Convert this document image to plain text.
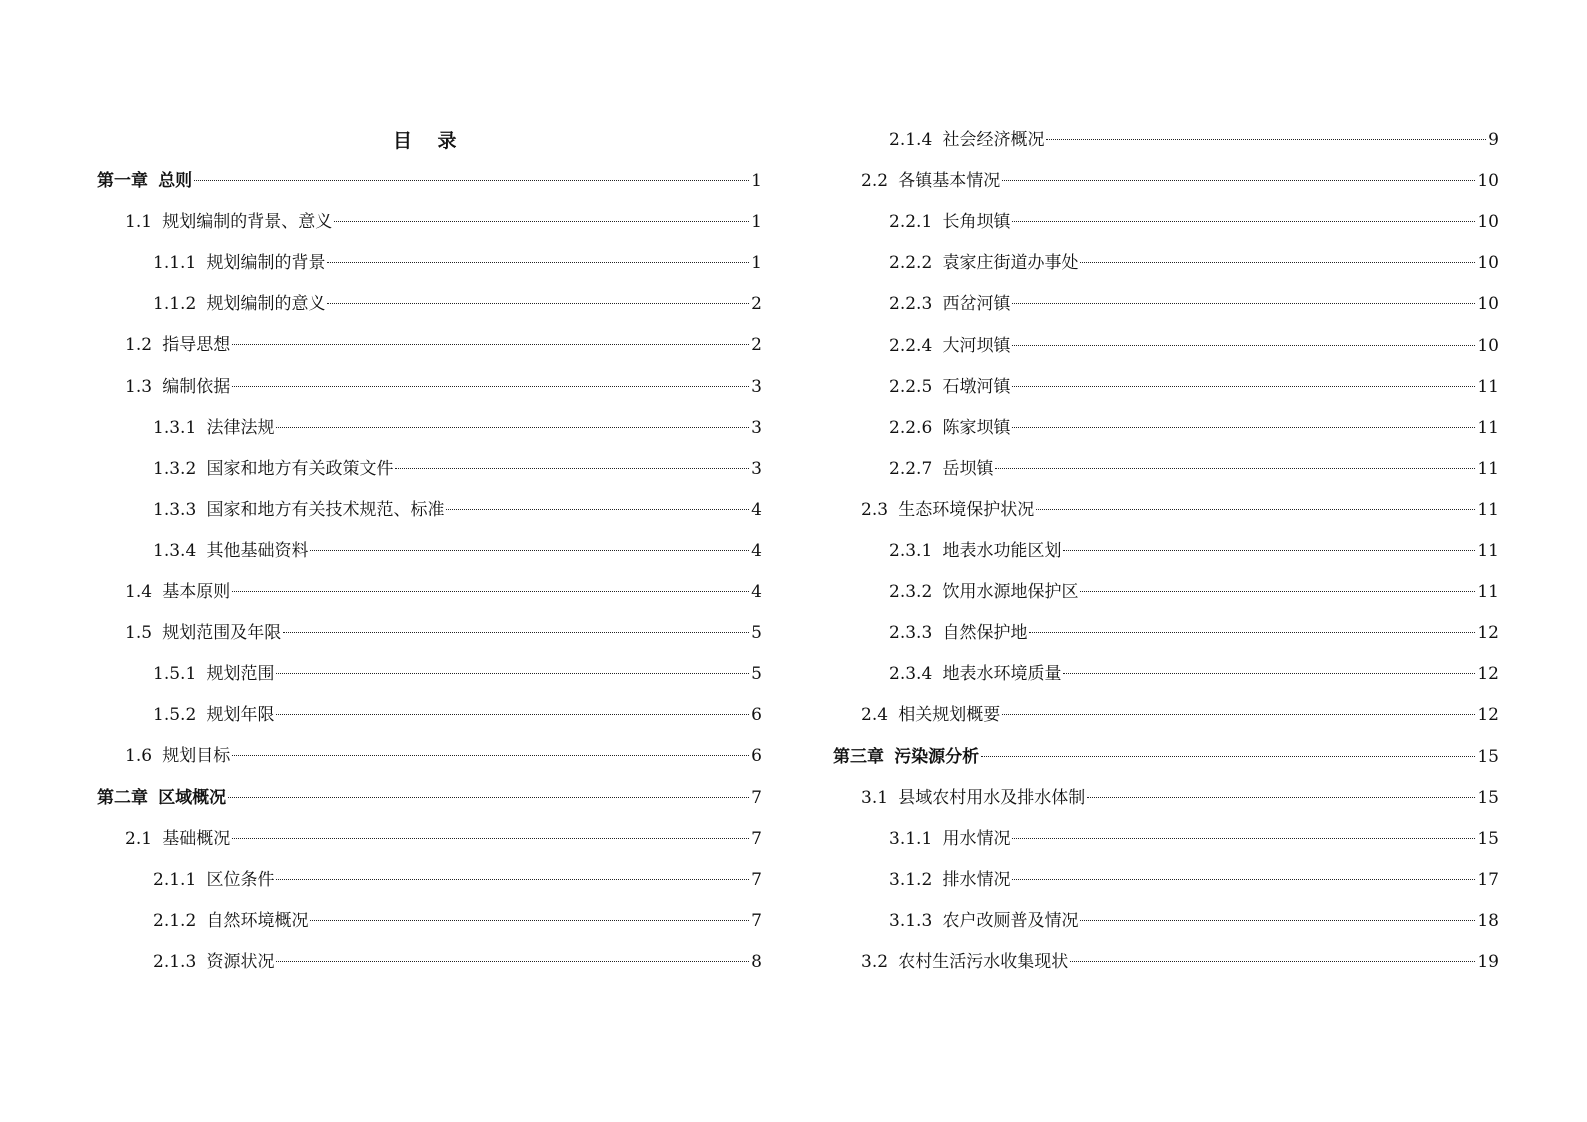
目 录
第一章 总则	1
1.1 规划编制的背景、意义	1
1.1.1 规划编制的背景	1
1.1.2 规划编制的意义	2
1.2 指导思想	2
1.3 编制依据	3
1.3.1 法律法规	3
1.3.2 国家和地方有关政策文件	3
1.3.3 国家和地方有关技术规范、标准	4
1.3.4 其他基础资料	4
1.4 基本原则	4
1.5 规划范围及年限	5
1.5.1 规划范围	5
1.5.2 规划年限	6
1.6 规划目标	6
第二章 区域概况	7
2.1 基础概况	7
2.1.1 区位条件	7
2.1.2 自然环境概况	7
2.1.3 资源状况	8
2.1.4 社会经济概况	9
2.2 各镇基本情况	10
2.2.1 长角坝镇	10
2.2.2 袁家庄街道办事处	10
2.2.3 西岔河镇	10
2.2.4 大河坝镇	10
2.2.5 石墩河镇	11
2.2.6 陈家坝镇	11
2.2.7 岳坝镇	11
2.3 生态环境保护状况	11
2.3.1 地表水功能区划	11
2.3.2 饮用水源地保护区	11
2.3.3 自然保护地	12
2.3.4 地表水环境质量	12
2.4 相关规划概要	12
第三章 污染源分析	15
3.1 县域农村用水及排水体制	15
3.1.1 用水情况	15
3.1.2 排水情况	17
3.1.3 农户改厕普及情况	18
3.2 农村生活污水收集现状	19
